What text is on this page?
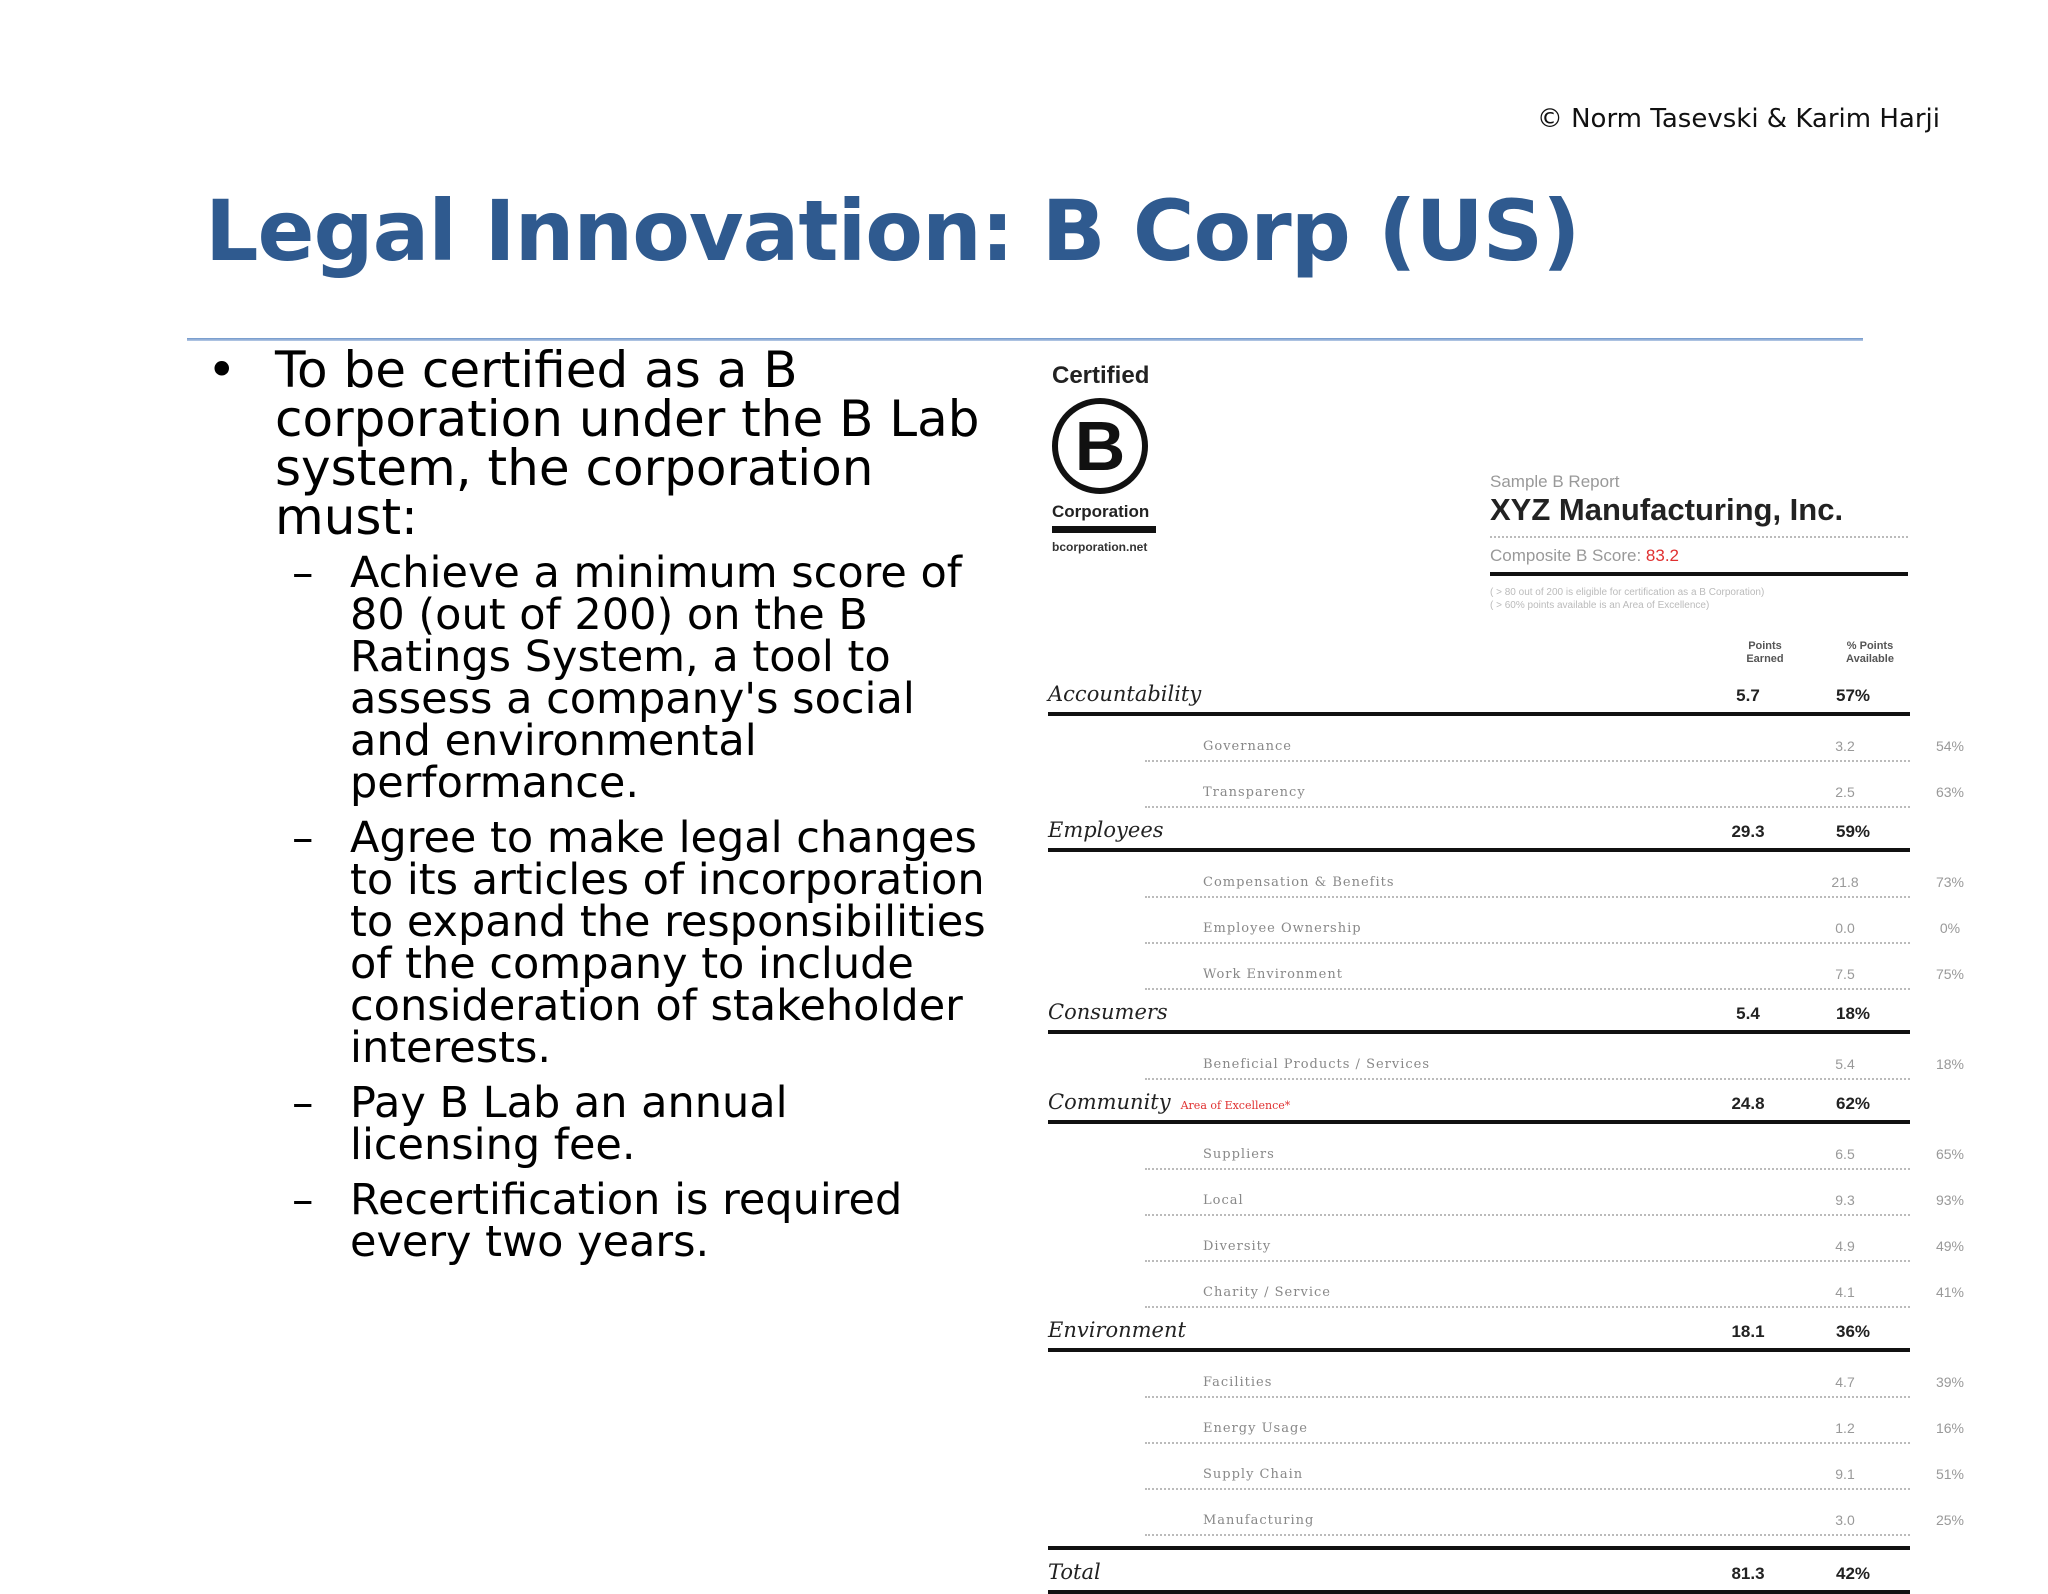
© Norm Tasevski & Karim Harji
Legal Innovation: B Corp (US)
• To be certified as a B corporation under the B Lab system, the corporation must:
– Achieve a minimum score of 80 (out of 200) on the B Ratings System, a tool to assess a company's social and environmental performance.
– Agree to make legal changes to its articles of incorporation to expand the responsibilities of the company to include consideration of stakeholder interests.
– Pay B Lab an annual licensing fee.
– Recertification is required every two years.
Certified
B
Corporation
bcorporation.net
Sample B Report
XYZ Manufacturing, Inc.
Composite B Score: 83.2
( > 80 out of 200 is eligible for certification as a B Corporation)
( > 60% points available is an Area of Excellence)
Points Earned
% Points Available
Accountability	5.7	57%
Governance	3.2	54%
Transparency	2.5	63%
Employees	29.3	59%
Compensation & Benefits	21.8	73%
Employee Ownership	0.0	0%
Work Environment	7.5	75%
Consumers	5.4	18%
Beneficial Products / Services	5.4	18%
Community Area of Excellence*	24.8	62%
Suppliers	6.5	65%
Local	9.3	93%
Diversity	4.9	49%
Charity / Service	4.1	41%
Environment	18.1	36%
Facilities	4.7	39%
Energy Usage	1.2	16%
Supply Chain	9.1	51%
Manufacturing	3.0	25%
Total	81.3	42%
